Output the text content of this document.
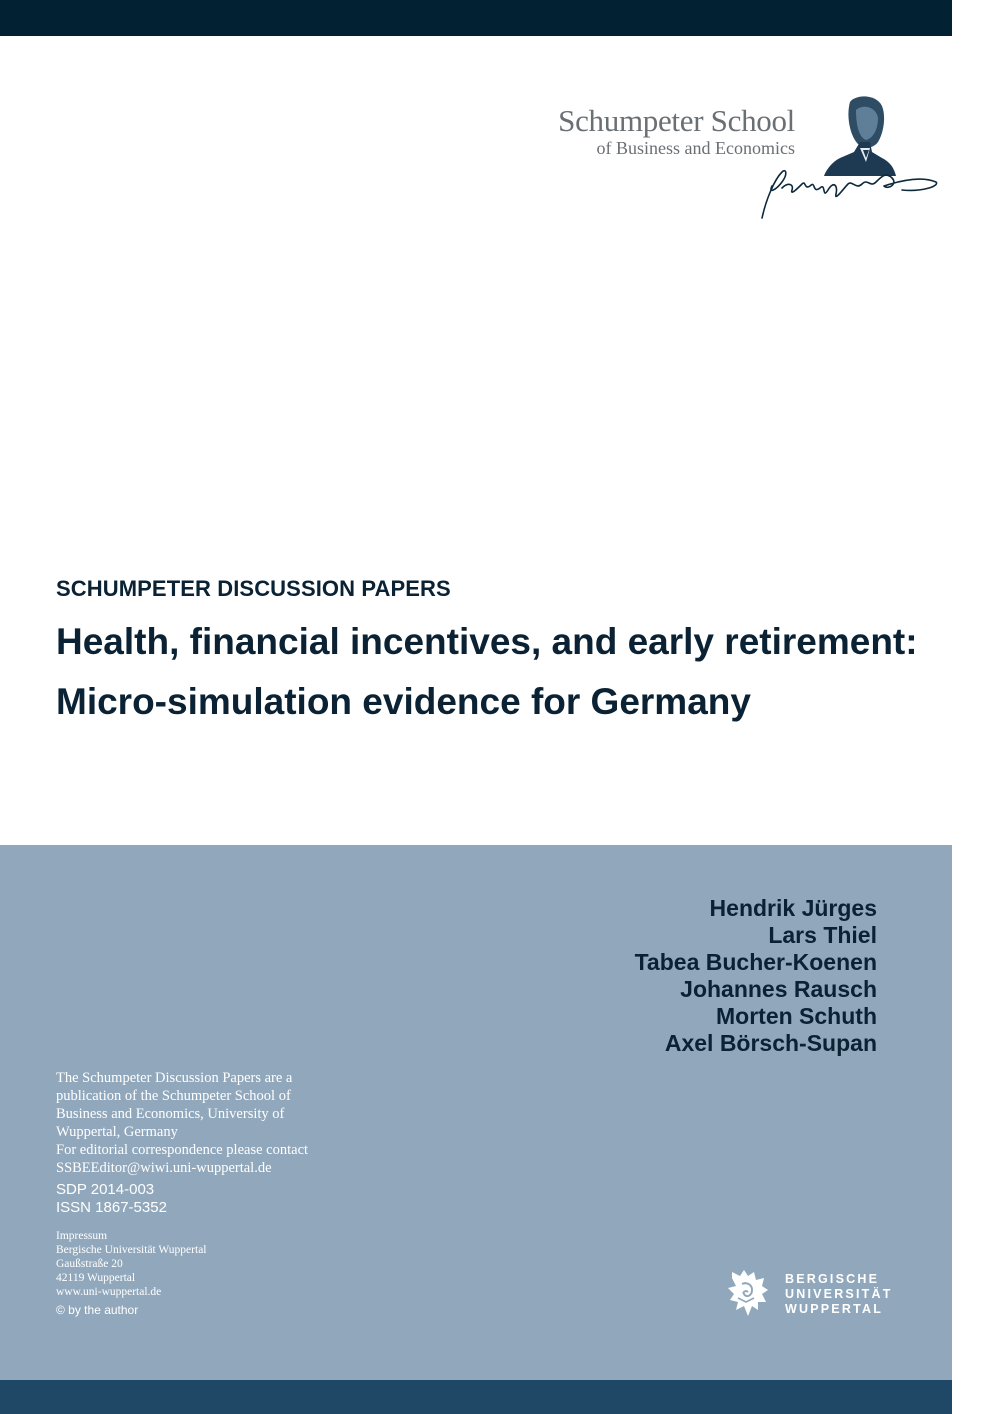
Schumpeter School
of Business and Economics
SCHUMPETER DISCUSSION PAPERS
Health, financial incentives, and early retirement:
Micro-simulation evidence for Germany
Hendrik Jürges
Lars Thiel
Tabea Bucher-Koenen
Johannes Rausch
Morten Schuth
Axel Börsch-Supan
The Schumpeter Discussion Papers are a
publication of the Schumpeter School of
Business and Economics, University of
Wuppertal, Germany
For editorial correspondence please contact
SSBEEditor@wiwi.uni-wuppertal.de
SDP 2014-003
ISSN 1867-5352
Impressum
Bergische Universität Wuppertal
Gaußstraße 20
42119 Wuppertal
www.uni-wuppertal.de
© by the author
BERGISCHE
UNIVERSITÄT
WUPPERTAL
